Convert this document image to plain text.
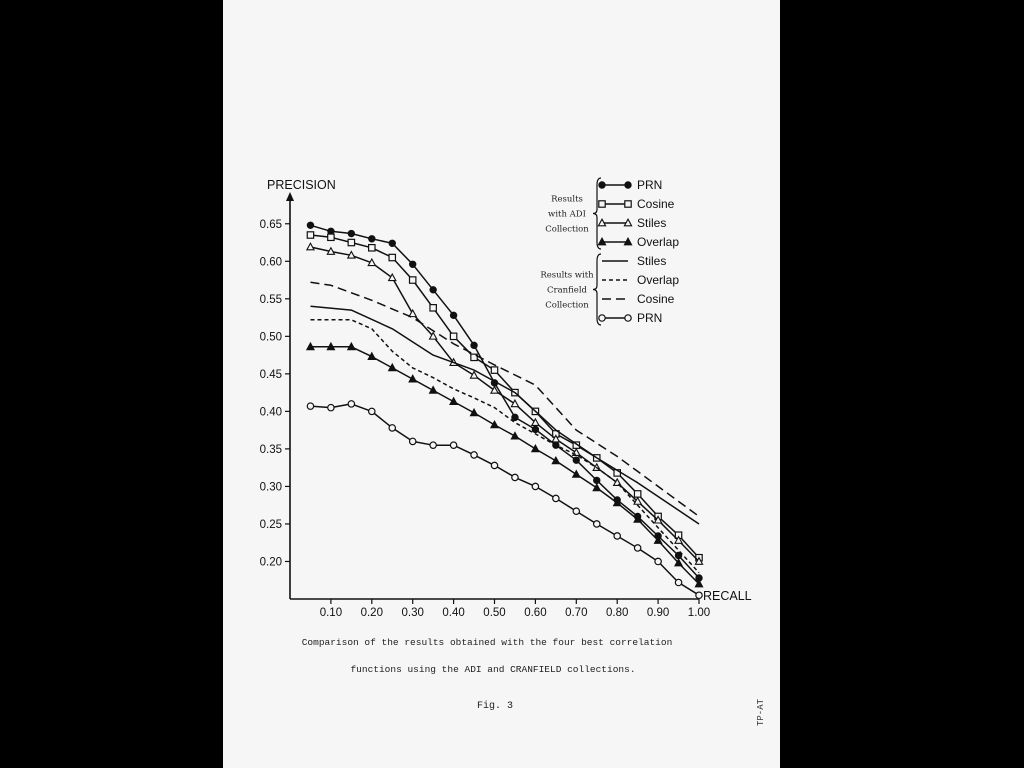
0.10 0.20 0.30 0.40 0.50 0.60 0.70 0.80 0.90 1.00
0.20
0.25
0.30
0.35
0.40
0.45
0.50
0.55
0.60
0.65
PRN
Cosine
Stiles
Overlap
Results
with ADI
Collection
Stiles
Overlap
Cosine
PRN
Results with
Cranfield
Collection
PRECISION
RECALL
Comparison of the results obtained with the four best correlation
functions using the ADI and CRANFIELD collections.
Fig. 3	TP-AT
